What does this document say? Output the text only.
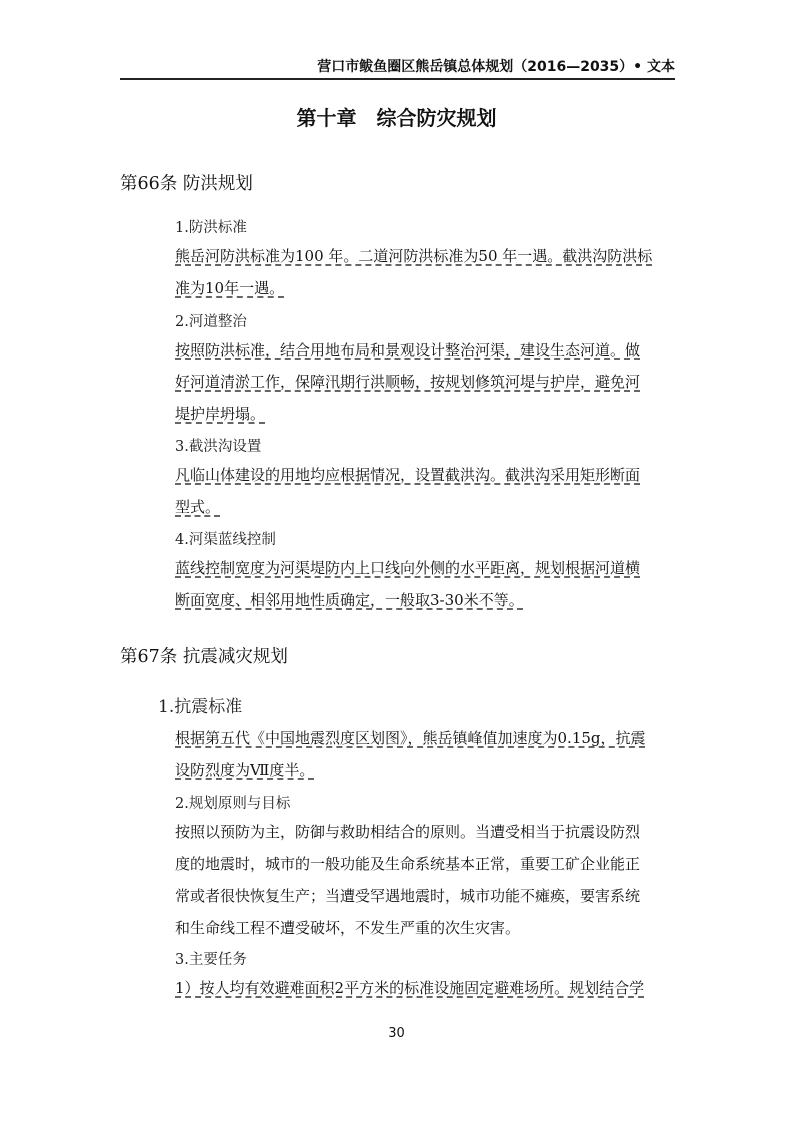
营口市鲅鱼圈区熊岳镇总体规划（2016—2035）• 文本
第十章　综合防灾规划
第66条 防洪规划
1.防洪标准
熊岳河防洪标准为100 年。二道河防洪标准为50 年一遇。截洪沟防洪标
准为10年一遇。
2.河道整治
按照防洪标准，结合用地布局和景观设计整治河渠，建设生态河道。做
好河道清淤工作，保障汛期行洪顺畅，按规划修筑河堤与护岸，避免河
堤护岸坍塌。
3.截洪沟设置
凡临山体建设的用地均应根据情况，设置截洪沟。截洪沟采用矩形断面
型式。
4.河渠蓝线控制
蓝线控制宽度为河渠堤防内上口线向外侧的水平距离，规划根据河道横
断面宽度、相邻用地性质确定，一般取3-30米不等。
第67条 抗震减灾规划
1.抗震标准
根据第五代《中国地震烈度区划图》，熊岳镇峰值加速度为0.15g，抗震
设防烈度为Ⅶ度半。
2.规划原则与目标
按照以预防为主，防御与救助相结合的原则。当遭受相当于抗震设防烈
度的地震时，城市的一般功能及生命系统基本正常，重要工矿企业能正
常或者很快恢复生产；当遭受罕遇地震时，城市功能不瘫痪，要害系统
和生命线工程不遭受破坏，不发生严重的次生灾害。
3.主要任务
1）按人均有效避难面积2平方米的标准设施固定避难场所。规划结合学
30
